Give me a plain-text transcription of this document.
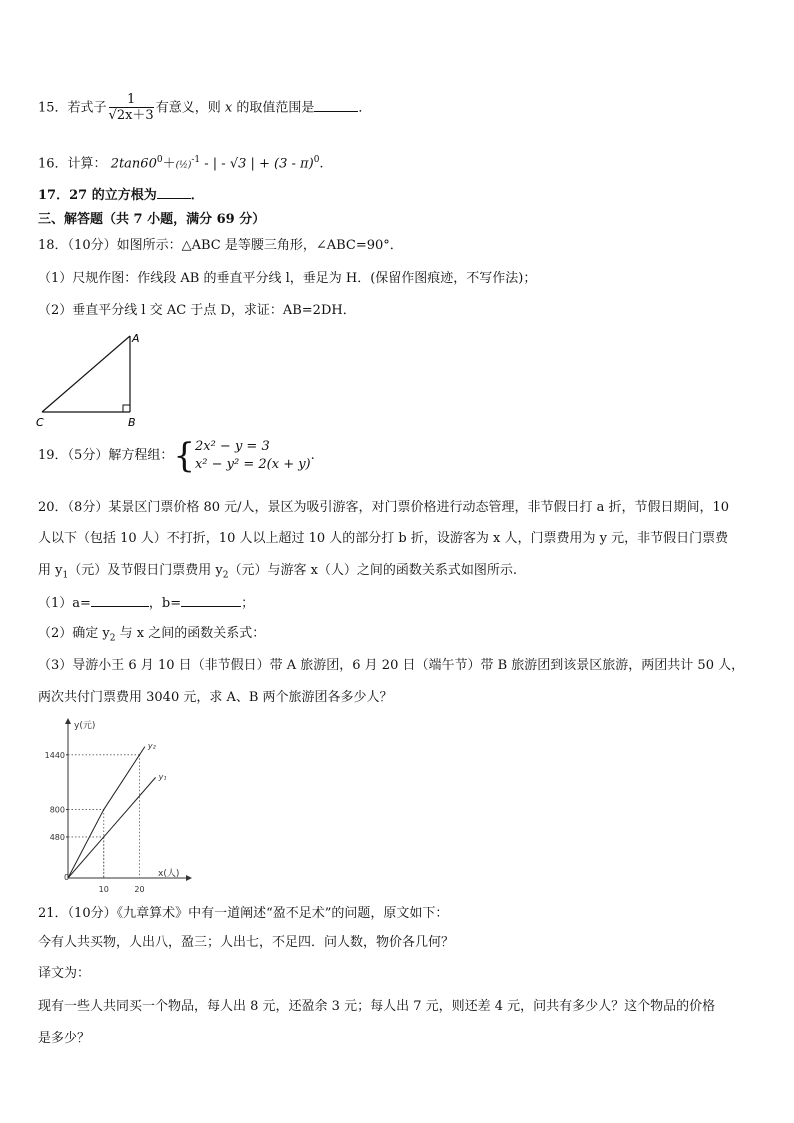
15．若式子 $\frac{1}{√2x+3}$ 有意义，则 x 的取值范围是	．
16．计算： $2\tan 60^0+(\frac{1}{2})^{-1}$ - | - √3 | + (3 - π)$^0$.
17．27 的立方根为	．
三、解答题（共 7 小题，满分 69 分）
18．（10分）如图所示：△ABC 是等腰三角形，∠ABC=90°．
（1）尺规作图：作线段 AB 的垂直平分线 l，垂足为 H．(保留作图痕迹，不写作法)；
（2）垂直平分线 l 交 AC 于点 D，求证：AB=2DH．
A
B
C
19．（5分）解方程组：{ 2x² − y = 3
x² − y² = 2(x + y)
.
20．（8分）某景区门票价格 80 元/人，景区为吸引游客，对门票价格进行动态管理，非节假日打 a 折，节假日期间，10
人以下（包括 10 人）不打折，10 人以上超过 10 人的部分打 b 折，设游客为 x 人，门票费用为 y 元，非节假日门票费
用 $y_1$（元）及节假日门票费用 $y_2$（元）与游客 x（人）之间的函数关系式如图所示.
（1）a=	，b=	；
（2）确定 $y_2$ 与 x 之间的函数关系式：
（3）导游小王 6 月 10 日（非节假日）带 A 旅游团，6 月 20 日（端午节）带 B 旅游团到该景区旅游，两团共计 50 人，
两次共付门票费用 3040 元，求 A、B 两个旅游团各多少人？
y(元)
x(人)
0
480
800
1440
10	20
y₂
y₁
21．（10分）《九章算术》中有一道阐述“盈不足术”的问题，原文如下：
今有人共买物，人出八，盈三；人出七，不足四．问人数，物价各几何？
译文为：
现有一些人共同买一个物品，每人出 8 元，还盈余 3 元；每人出 7 元，则还差 4 元，问共有多少人？这个物品的价格
是多少？
